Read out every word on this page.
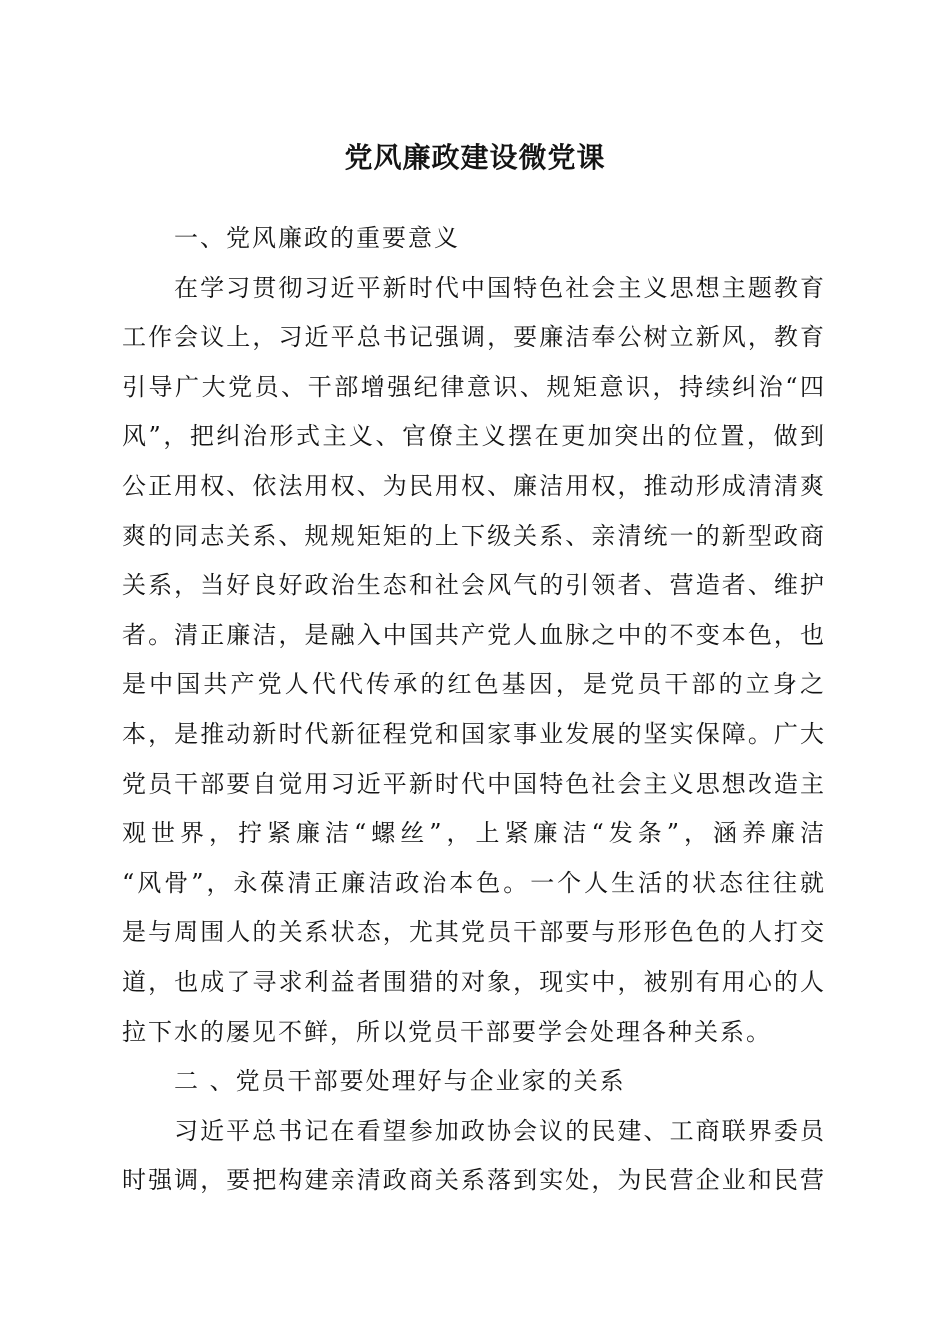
党风廉政建设微党课
一、党风廉政的重要意义
在学习贯彻习近平新时代中国特色社会主义思想主题教育
工作会议上，习近平总书记强调，要廉洁奉公树立新风，教育
引导广大党员、干部增强纪律意识、规矩意识，持续纠治“四
风”，把纠治形式主义、官僚主义摆在更加突出的位置，做到
公正用权、依法用权、为民用权、廉洁用权，推动形成清清爽
爽的同志关系、规规矩矩的上下级关系、亲清统一的新型政商
关系，当好良好政治生态和社会风气的引领者、营造者、维护
者。清正廉洁，是融入中国共产党人血脉之中的不变本色，也
是中国共产党人代代传承的红色基因，是党员干部的立身之
本，是推动新时代新征程党和国家事业发展的坚实保障。广大
党员干部要自觉用习近平新时代中国特色社会主义思想改造主
观世界，拧紧廉洁“螺丝”，上紧廉洁“发条”，涵养廉洁
“风骨”，永葆清正廉洁政治本色。一个人生活的状态往往就
是与周围人的关系状态，尤其党员干部要与形形色色的人打交
道，也成了寻求利益者围猎的对象，现实中，被别有用心的人
拉下水的屡见不鲜，所以党员干部要学会处理各种关系。
二 、党员干部要处理好与企业家的关系
习近平总书记在看望参加政协会议的民建、工商联界委员
时强调，要把构建亲清政商关系落到实处，为民营企业和民营
